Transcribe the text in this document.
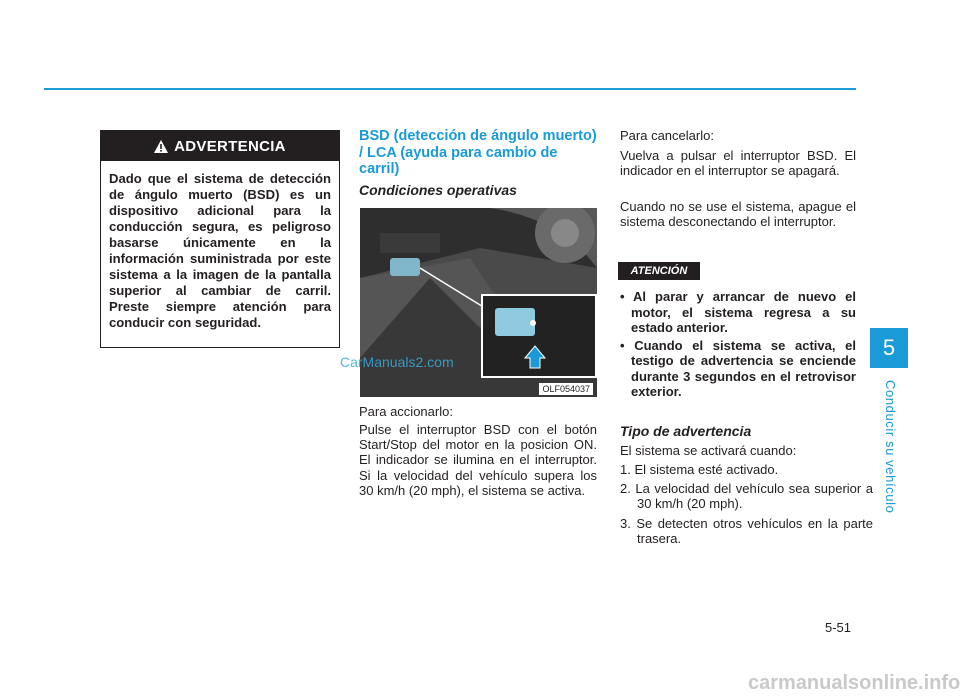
ADVERTENCIA
Dado que el sistema de detección de ángulo muerto (BSD) es un dispositivo adicional para la conducción segura, es peligroso basarse únicamente en la información suministrada por este sistema a la imagen de la pantalla superior al cambiar de carril. Preste siempre atención para conducir con seguridad.
BSD (detección de ángulo muerto) / LCA (ayuda para cambio de carril)
Condiciones operativas
OLF054037
CarManuals2.com
Para accionarlo:
Pulse el interruptor BSD con el botón Start/Stop del motor en la posicion ON. El indicador se ilumina en el interruptor. Si la velocidad del vehículo supera los 30 km/h (20 mph), el sistema se activa.
Para cancelarlo:
Vuelva a pulsar el interruptor BSD. El indicador en el interruptor se apagará.
Cuando no se use el sistema, apague el sistema desconectando el interruptor.
ATENCIÓN
• Al parar y arrancar de nuevo el motor, el sistema regresa a su estado anterior.
• Cuando el sistema se activa, el testigo de advertencia se enciende durante 3 segundos en el retrovisor exterior.
Tipo de advertencia
El sistema se activará cuando:
1. El sistema esté activado.
2. La velocidad del vehículo sea superior a 30 km/h (20 mph).
3. Se detecten otros vehículos en la parte trasera.
5
Conducir su vehículo
5-51
carmanualsonline.info
